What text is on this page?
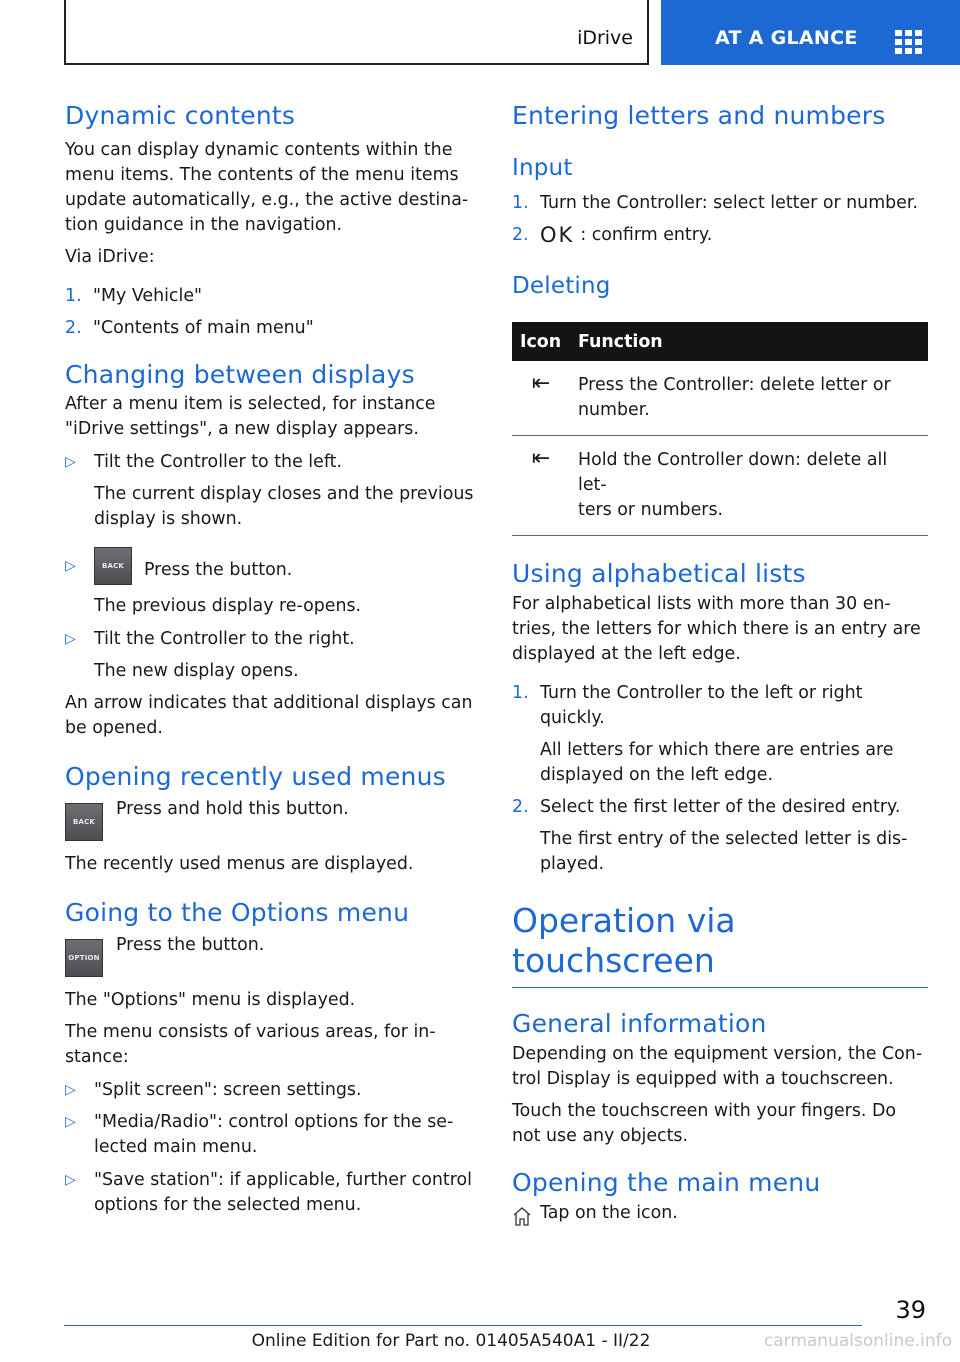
iDrive	AT A GLANCE
Dynamic contents
You can display dynamic contents within the
menu items. The contents of the menu items
update automatically, e.g., the active destina‐
tion guidance in the navigation.
Via iDrive:
1. "My Vehicle"
2. "Contents of main menu"
Changing between displays
After a menu item is selected, for instance
"iDrive settings", a new display appears.
▷	Tilt the Controller to the left.
The current display closes and the previous
display is shown.
▷	BACK	Press the button.
The previous display re-opens.
▷	Tilt the Controller to the right.
The new display opens.
An arrow indicates that additional displays can
be opened.
Opening recently used menus
BACK
Press and hold this button.
The recently used menus are displayed.
Going to the Options menu
OPTION
Press the button.
The "Options" menu is displayed.
The menu consists of various areas, for in‐
stance:
▷	"Split screen": screen settings.
▷	"Media/Radio": control options for the se‐
lected main menu.
▷	"Save station": if applicable, further control
options for the selected menu.
Entering letters and numbers
Input
1. Turn the Controller: select letter or number.
2. OK : confirm entry.
Deleting
Icon	Function
⇤	Press the Controller: delete letter or
number.

⇤	Hold the Controller down: delete all let‐
ters or numbers.
Using alphabetical lists
For alphabetical lists with more than 30 en‐
tries, the letters for which there is an entry are
displayed at the left edge.
1. Turn the Controller to the left or right
quickly.
All letters for which there are entries are
displayed on the left edge.
2. Select the first letter of the desired entry.
The first entry of the selected letter is dis‐
played.
Operation via touchscreen
General information
Depending on the equipment version, the Con‐
trol Display is equipped with a touchscreen.
Touch the touchscreen with your fingers. Do
not use any objects.
Opening the main menu
Tap on the icon.
39
Online Edition for Part no. 01405A540A1 - II/22	carmanualsonline.info
